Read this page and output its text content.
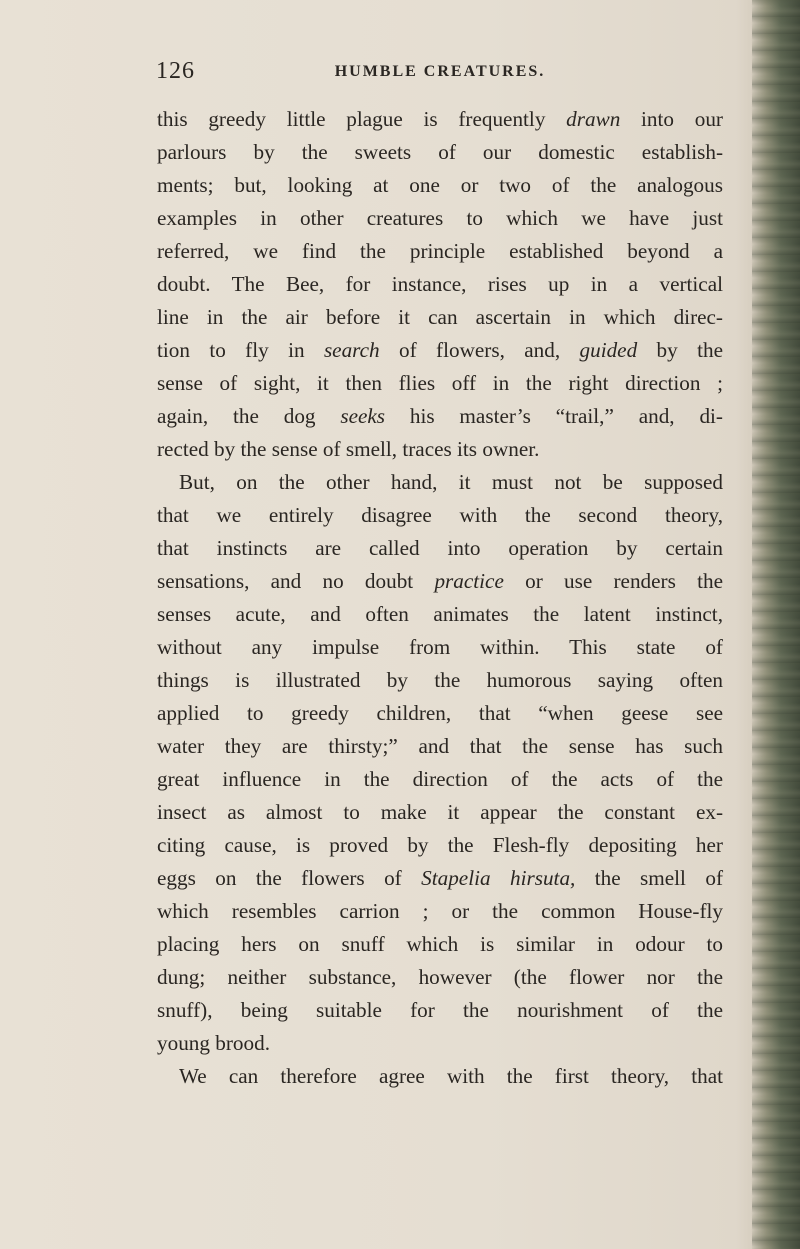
126	HUMBLE CREATURES.
this greedy little plague is frequently drawn into our
parlours by the sweets of our domestic establish-
ments; but, looking at one or two of the analogous
examples in other creatures to which we have just
referred, we find the principle established beyond a
doubt. The Bee, for instance, rises up in a vertical
line in the air before it can ascertain in which direc-
tion to fly in search of flowers, and, guided by the
sense of sight, it then flies off in the right direction ;
again, the dog seeks his master’s “trail,” and, di-
rected by the sense of smell, traces its owner.
But, on the other hand, it must not be supposed
that we entirely disagree with the second theory,
that instincts are called into operation by certain
sensations, and no doubt practice or use renders the
senses acute, and often animates the latent instinct,
without any impulse from within. This state of
things is illustrated by the humorous saying often
applied to greedy children, that “when geese see
water they are thirsty;” and that the sense has such
great influence in the direction of the acts of the
insect as almost to make it appear the constant ex-
citing cause, is proved by the Flesh-fly depositing her
eggs on the flowers of Stapelia hirsuta, the smell of
which resembles carrion ; or the common House-fly
placing hers on snuff which is similar in odour to
dung; neither substance, however (the flower nor the
snuff), being suitable for the nourishment of the
young brood.
We can therefore agree with the first theory, that
